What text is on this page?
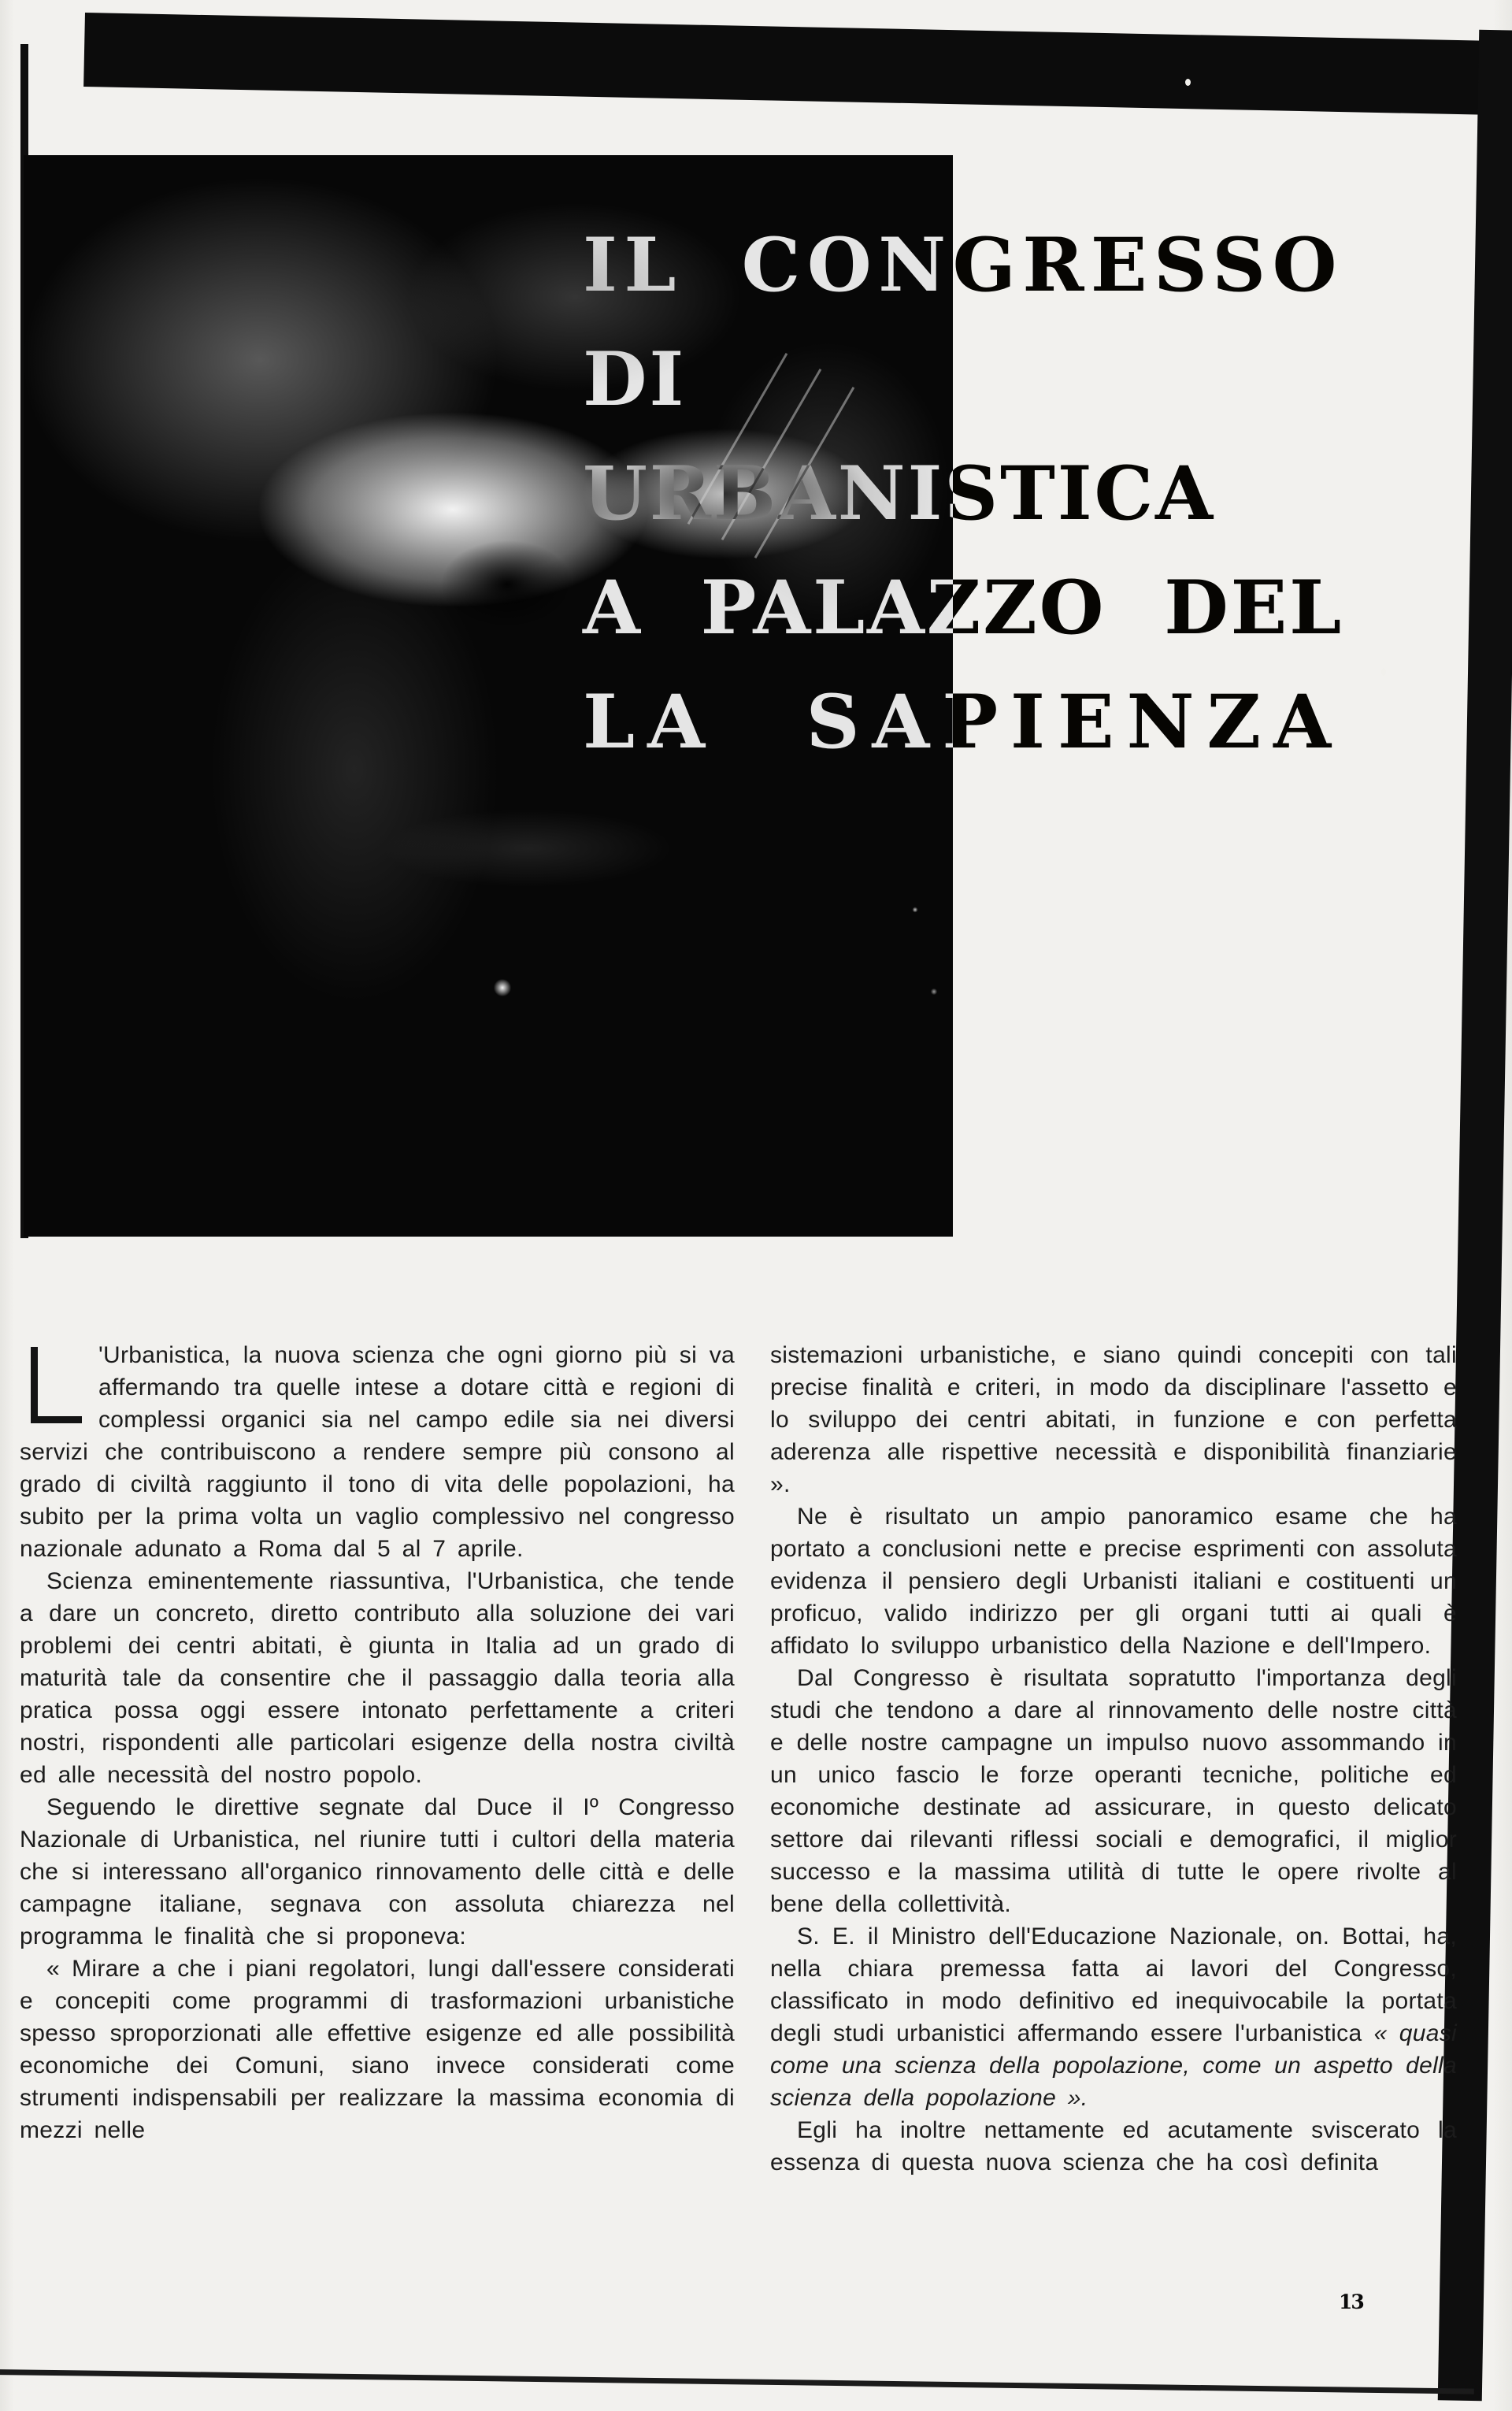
IL CONGRESSO
DI URBANISTICA
A PALAZZO DEL
LA SAPIENZA

'Urbanistica, la nuova scienza che ogni giorno più si va affermando tra quelle intese a dotare città e regioni di complessi organici sia nel campo edile sia nei diversi servizi che contribuiscono a rendere sempre più consono al grado di civiltà raggiunto il tono di vita delle popolazioni, ha subito per la prima volta un vaglio complessivo nel congresso nazionale adunato a Roma dal 5 al 7 aprile.

Scienza eminentemente riassuntiva, l'Urbanistica, che tende a dare un concreto, diretto contributo alla soluzione dei vari problemi dei centri abitati, è giunta in Italia ad un grado di maturità tale da consentire che il passaggio dalla teoria alla pratica possa oggi essere intonato perfettamente a criteri nostri, rispondenti alle particolari esigenze della nostra civiltà ed alle necessità del nostro popolo.

Seguendo le direttive segnate dal Duce il Iº Congresso Nazionale di Urbanistica, nel riunire tutti i cultori della materia che si interessano all'organico rinnovamento delle città e delle campagne italiane, segnava con assoluta chiarezza nel programma le finalità che si proponeva:

« Mirare a che i piani regolatori, lungi dall'essere considerati e concepiti come programmi di trasformazioni urbanistiche spesso sproporzionati alle effettive esigenze ed alle possibilità economiche dei Comuni, siano invece considerati come strumenti indispensabili per realizzare la massima economia di mezzi nelle

sistemazioni urbanistiche, e siano quindi concepiti con tali precise finalità e criteri, in modo da disciplinare l'assetto e lo sviluppo dei centri abitati, in funzione e con perfetta aderenza alle rispettive necessità e disponibilità finanziarie ».

Ne è risultato un ampio panoramico esame che ha portato a conclusioni nette e precise esprimenti con assoluta evidenza il pensiero degli Urbanisti italiani e costituenti un proficuo, valido indirizzo per gli organi tutti ai quali è affidato lo sviluppo urbanistico della Nazione e dell'Impero.

Dal Congresso è risultata sopratutto l'importanza degli studi che tendono a dare al rinnovamento delle nostre città e delle nostre campagne un impulso nuovo assommando in un unico fascio le forze operanti tecniche, politiche ed economiche destinate ad assicurare, in questo delicato settore dai rilevanti riflessi sociali e demografici, il miglior successo e la massima utilità di tutte le opere rivolte al bene della collettività.

S. E. il Ministro dell'Educazione Nazionale, on. Bottai, ha, nella chiara premessa fatta ai lavori del Congresso, classificato in modo definitivo ed inequivocabile la portata degli studi urbanistici affermando essere l'urbanistica « quasi come una scienza della popolazione, come un aspetto della scienza della popolazione ».

Egli ha inoltre nettamente ed acutamente sviscerato la essenza di questa nuova scienza che ha così definita

13
